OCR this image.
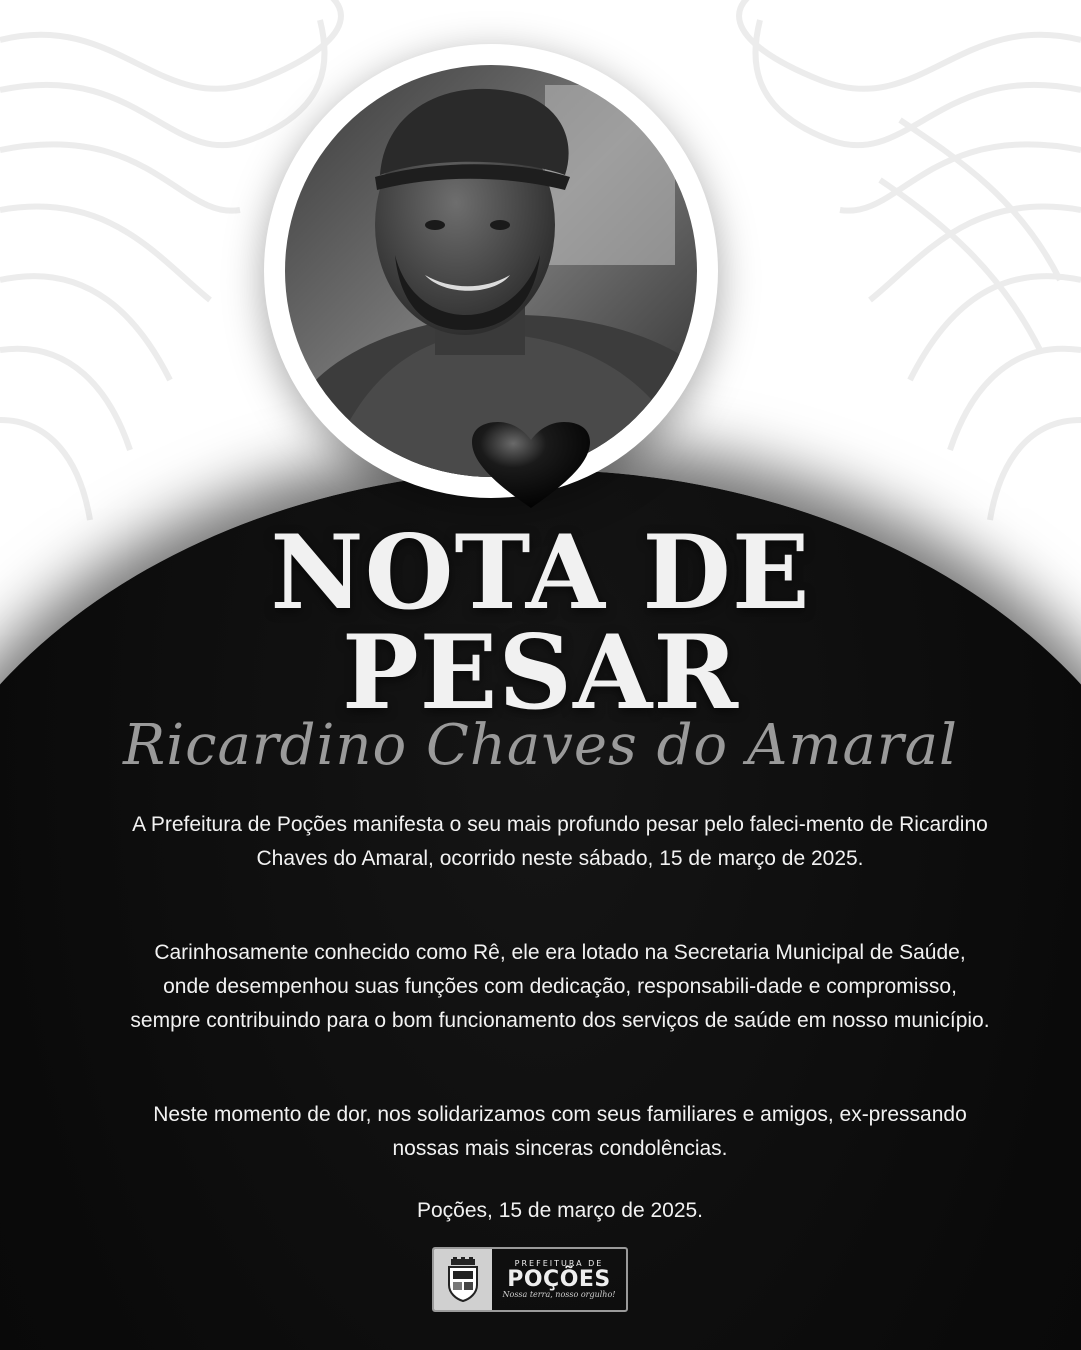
NOTA DE
PESAR
Ricardino Chaves do Amaral

A Prefeitura de Poções manifesta o seu mais profundo pesar pelo faleci-mento de Ricardino Chaves do Amaral, ocorrido neste sábado, 15 de março de 2025.

Carinhosamente conhecido como Rê, ele era lotado na Secretaria Municipal de Saúde, onde desempenhou suas funções com dedicação, responsabili-dade e compromisso, sempre contribuindo para o bom funcionamento dos serviços de saúde em nosso município.

Neste momento de dor, nos solidarizamos com seus familiares e amigos, ex-pressando nossas mais sinceras condolências.

Poções, 15 de março de 2025.

PREFEITURA DE
POÇÕES
Nossa terra, nosso orgulho!
